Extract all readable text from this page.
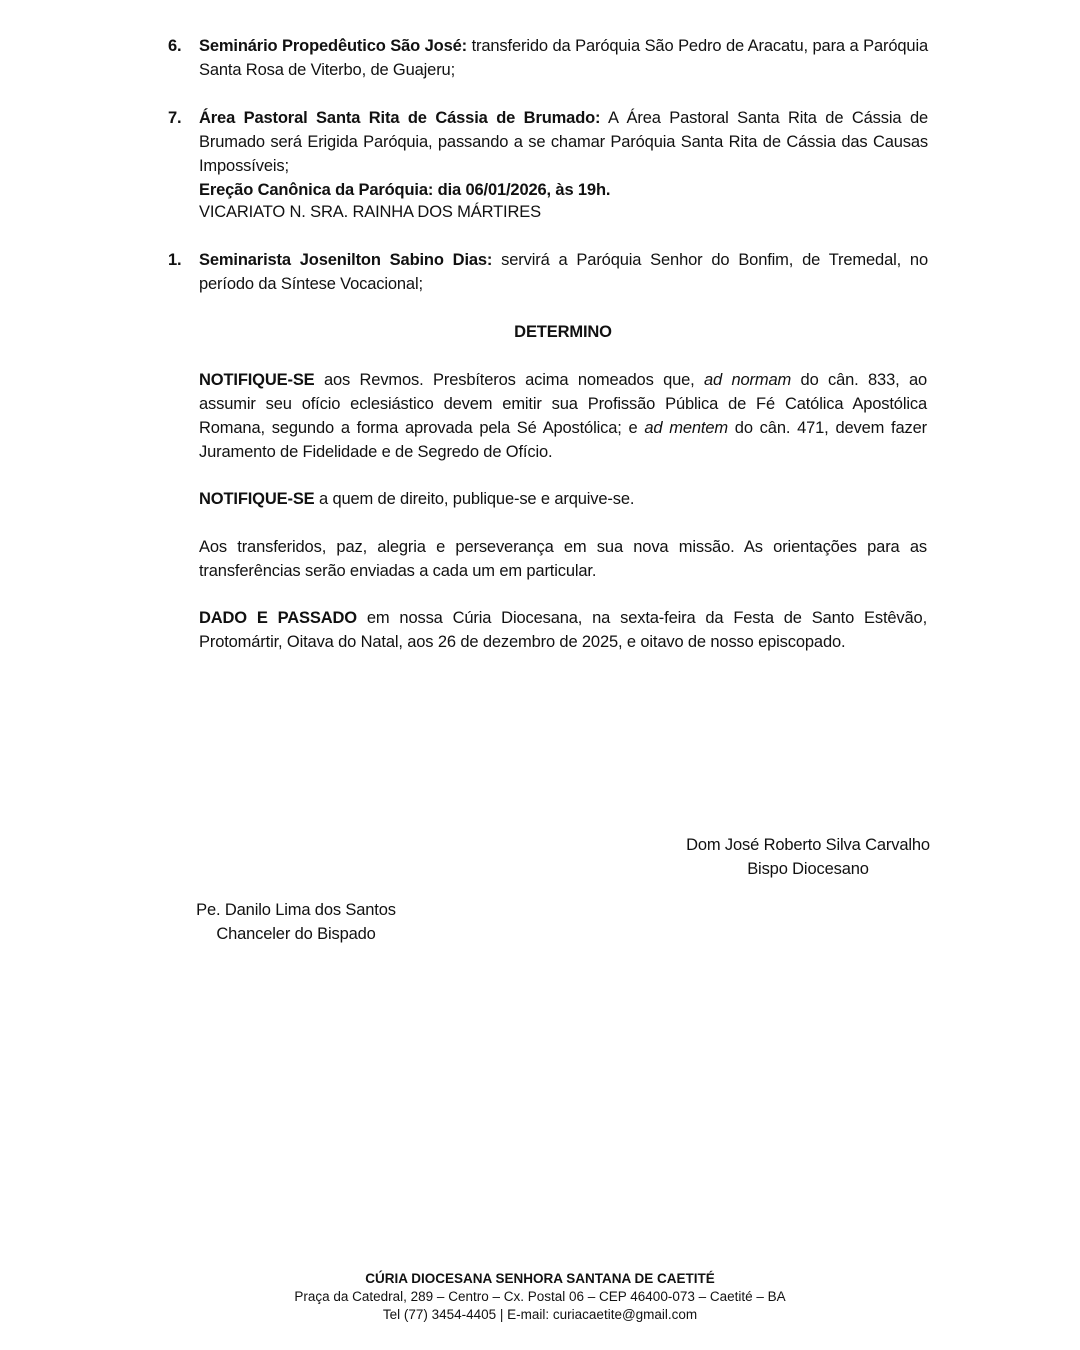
6.	Seminário Propedêutico São José: transferido da Paróquia São Pedro de Aracatu, para a Paróquia Santa Rosa de Viterbo, de Guajeru;
7.	Área Pastoral Santa Rita de Cássia de Brumado: A Área Pastoral Santa Rita de Cássia de Brumado será Erigida Paróquia, passando a se chamar Paróquia Santa Rita de Cássia das Causas Impossíveis;
Ereção Canônica da Paróquia: dia 06/01/2026, às 19h.
VICARIATO N. SRA. RAINHA DOS MÁRTIRES
1.	Seminarista Josenilton Sabino Dias: servirá a Paróquia Senhor do Bonfim, de Tremedal, no período da Síntese Vocacional;
DETERMINO
NOTIFIQUE-SE aos Revmos. Presbíteros acima nomeados que, ad normam do cân. 833, ao assumir seu ofício eclesiástico devem emitir sua Profissão Pública de Fé Católica Apostólica Romana, segundo a forma aprovada pela Sé Apostólica; e ad mentem do cân. 471, devem fazer Juramento de Fidelidade e de Segredo de Ofício.
NOTIFIQUE-SE a quem de direito, publique-se e arquive-se.
Aos transferidos, paz, alegria e perseverança em sua nova missão. As orientações para as transferências serão enviadas a cada um em particular.
DADO E PASSADO em nossa Cúria Diocesana, na sexta-feira da Festa de Santo Estêvão, Protomártir, Oitava do Natal, aos 26 de dezembro de 2025, e oitavo de nosso episcopado.
Dom José Roberto Silva Carvalho
Bispo Diocesano
Pe. Danilo Lima dos Santos
Chanceler do Bispado
CÚRIA DIOCESANA SENHORA SANTANA DE CAETITÉ
Praça da Catedral, 289 – Centro – Cx. Postal 06 – CEP 46400-073 – Caetité – BA
Tel (77) 3454-4405 | E-mail: curiacaetite@gmail.com
